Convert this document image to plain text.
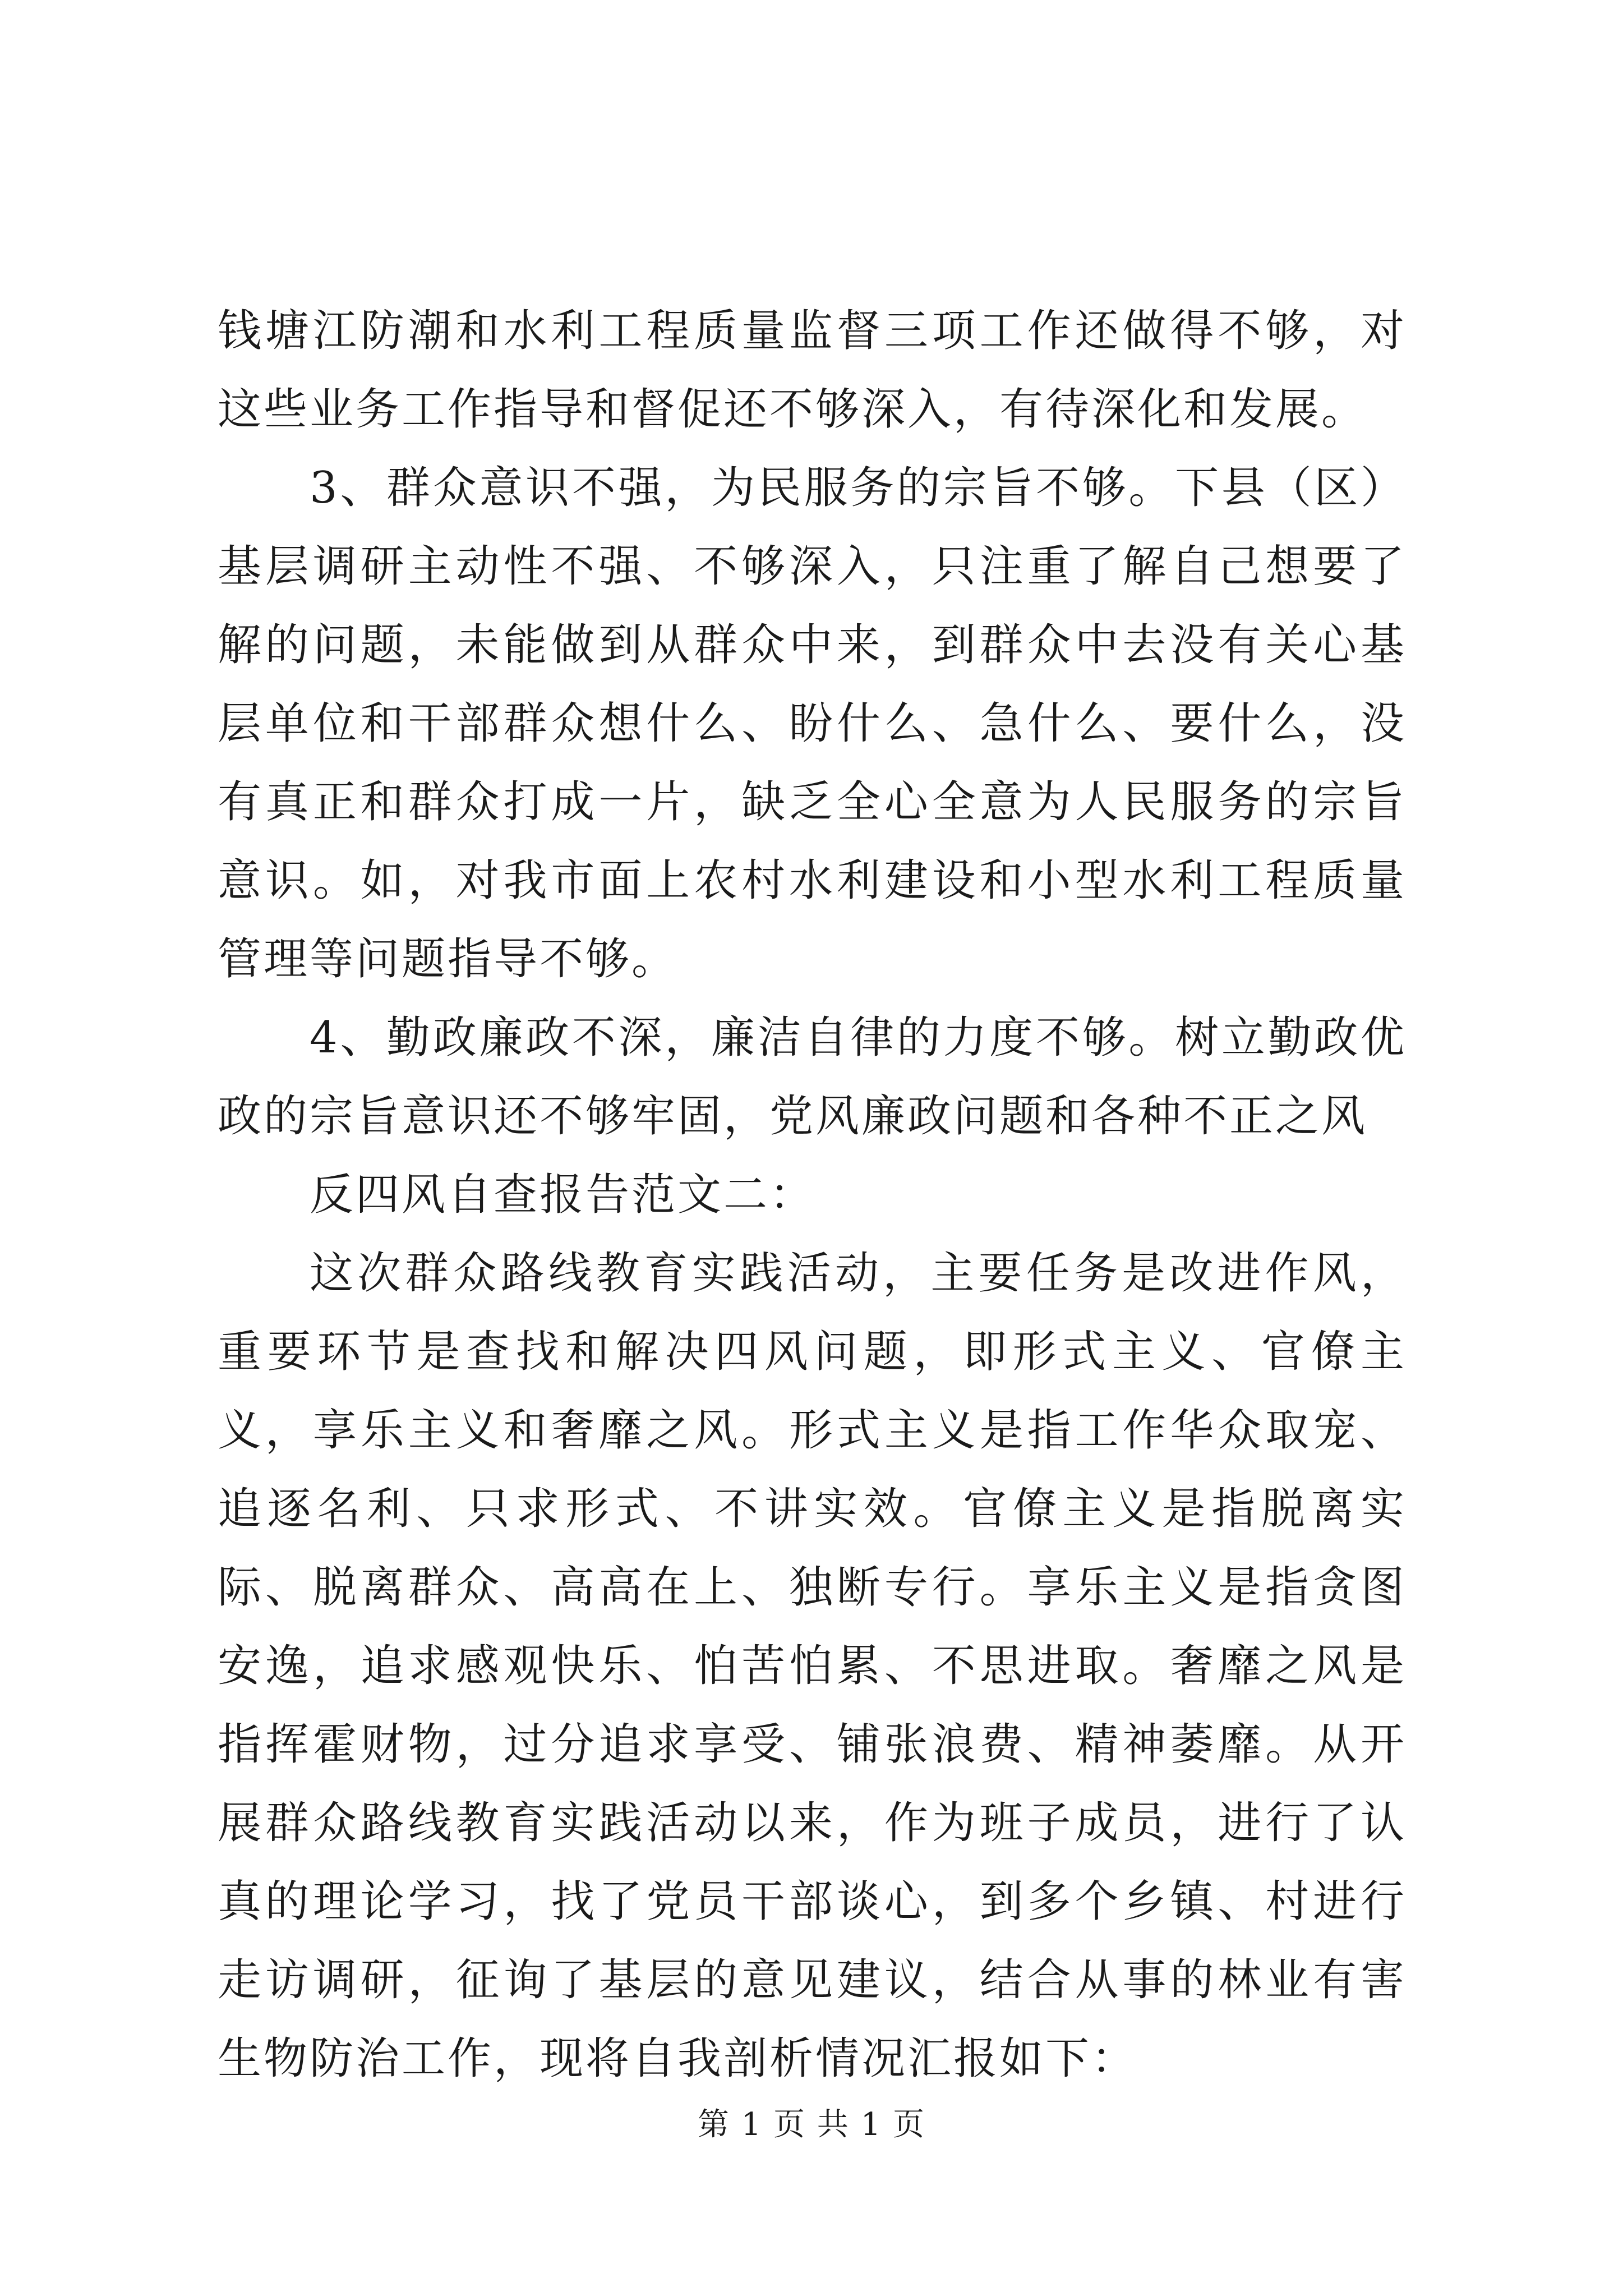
钱塘江防潮和水利工程质量监督三项工作还做得不够，对这些业务工作指导和督促还不够深入，有待深化和发展。

3、群众意识不强，为民服务的宗旨不够。下县（区）基层调研主动性不强、不够深入，只注重了解自己想要了解的问题，未能做到从群众中来，到群众中去没有关心基层单位和干部群众想什么、盼什么、急什么、要什么，没有真正和群众打成一片，缺乏全心全意为人民服务的宗旨意识。如，对我市面上农村水利建设和小型水利工程质量管理等问题指导不够。

4、勤政廉政不深，廉洁自律的力度不够。树立勤政优政的宗旨意识还不够牢固，党风廉政问题和各种不正之风

反四风自查报告范文二：

这次群众路线教育实践活动，主要任务是改进作风，重要环节是查找和解决四风问题，即形式主义、官僚主义，享乐主义和奢靡之风。形式主义是指工作华众取宠、追逐名利、只求形式、不讲实效。官僚主义是指脱离实际、脱离群众、高高在上、独断专行。享乐主义是指贪图安逸，追求感观快乐、怕苦怕累、不思进取。奢靡之风是指挥霍财物，过分追求享受、铺张浪费、精神萎靡。从开展群众路线教育实践活动以来，作为班子成员，进行了认真的理论学习，找了党员干部谈心，到多个乡镇、村进行走访调研，征询了基层的意见建议，结合从事的林业有害生物防治工作，现将自我剖析情况汇报如下：

第 1 页 共 1 页
